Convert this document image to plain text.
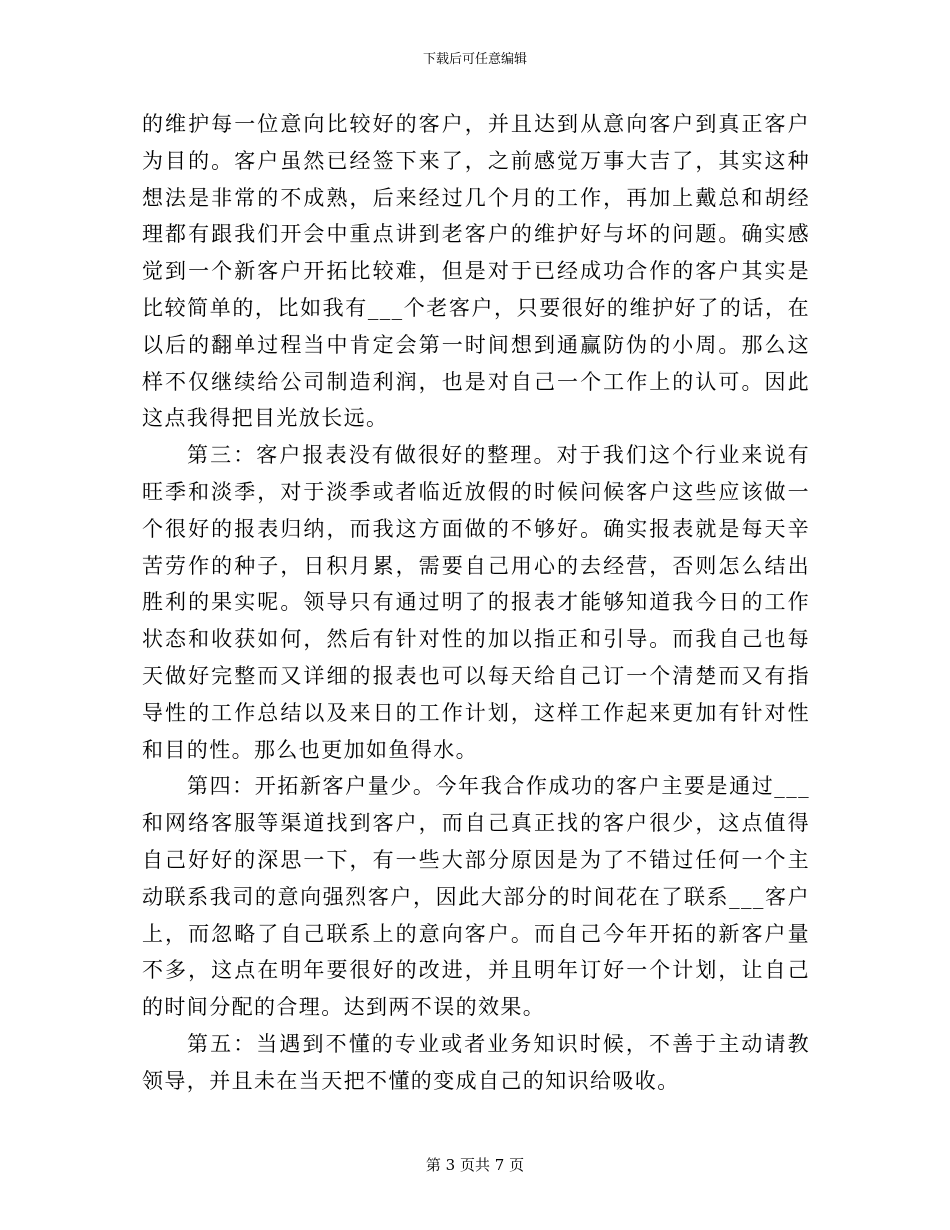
下载后可任意编辑

的维护每一位意向比较好的客户，并且达到从意向客户到真正客户为目的。客户虽然已经签下来了，之前感觉万事大吉了，其实这种想法是非常的不成熟，后来经过几个月的工作，再加上戴总和胡经理都有跟我们开会中重点讲到老客户的维护好与坏的问题。确实感觉到一个新客户开拓比较难，但是对于已经成功合作的客户其实是比较简单的，比如我有___个老客户，只要很好的维护好了的话，在以后的翻单过程当中肯定会第一时间想到通赢防伪的小周。那么这样不仅继续给公司制造利润，也是对自己一个工作上的认可。因此这点我得把目光放长远。

第三：客户报表没有做很好的整理。对于我们这个行业来说有旺季和淡季，对于淡季或者临近放假的时候问候客户这些应该做一个很好的报表归纳，而我这方面做的不够好。确实报表就是每天辛苦劳作的种子，日积月累，需要自己用心的去经营，否则怎么结出胜利的果实呢。领导只有通过明了的报表才能够知道我今日的工作状态和收获如何，然后有针对性的加以指正和引导。而我自己也每天做好完整而又详细的报表也可以每天给自己订一个清楚而又有指导性的工作总结以及来日的工作计划，这样工作起来更加有针对性和目的性。那么也更加如鱼得水。

第四：开拓新客户量少。今年我合作成功的客户主要是通过___和网络客服等渠道找到客户，而自己真正找的客户很少，这点值得自己好好的深思一下，有一些大部分原因是为了不错过任何一个主动联系我司的意向强烈客户，因此大部分的时间花在了联系___客户上，而忽略了自己联系上的意向客户。而自己今年开拓的新客户量不多，这点在明年要很好的改进，并且明年订好一个计划，让自己的时间分配的合理。达到两不误的效果。

第五：当遇到不懂的专业或者业务知识时候，不善于主动请教领导，并且未在当天把不懂的变成自己的知识给吸收。

第 3 页共 7 页
